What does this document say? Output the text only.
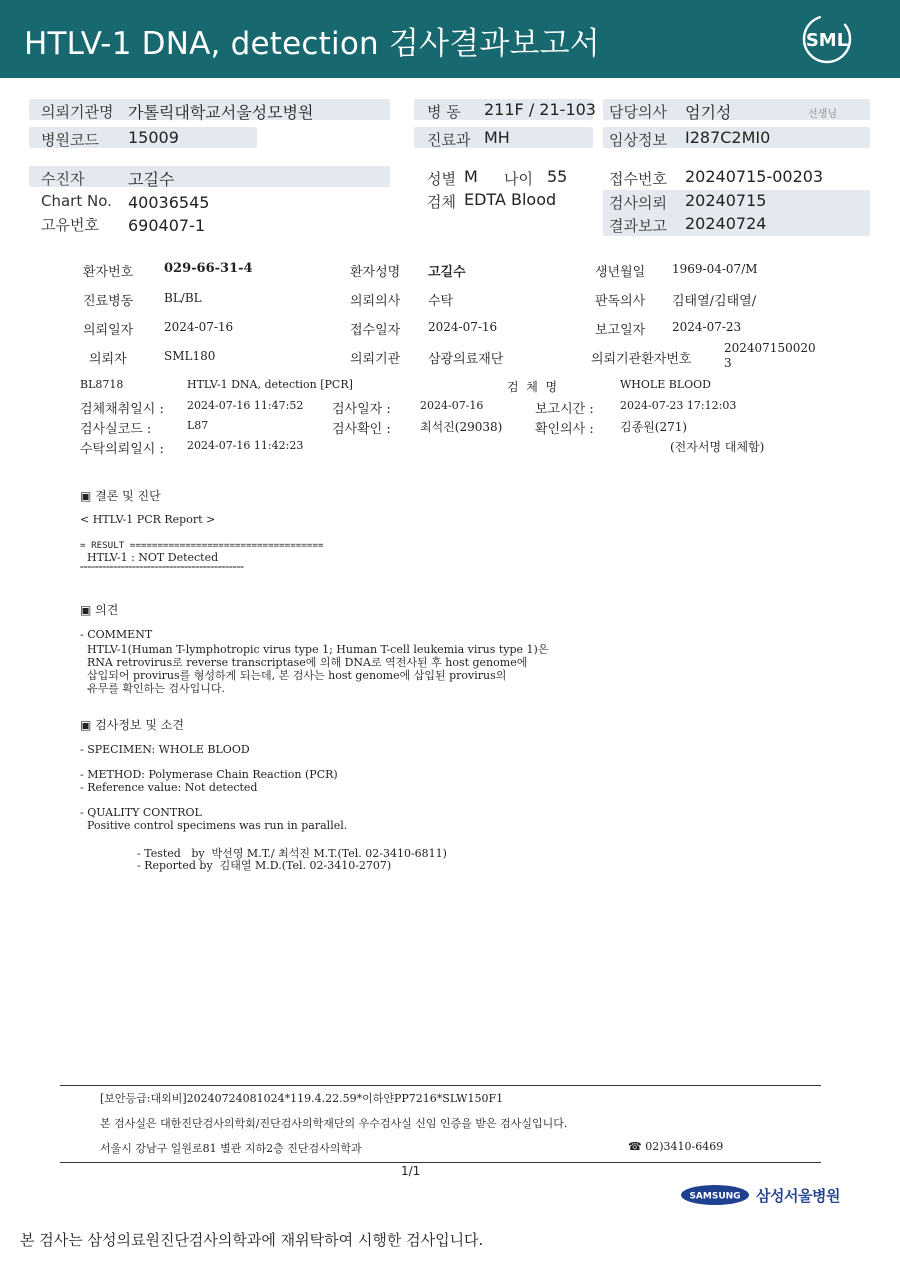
HTLV-1 DNA, detection 검사결과보고서	SML
의뢰기관명 가톨릭대학교서울성모병원
병원코드 15009
병 동 211F / 21-103
진료과 MH
담당의사 엄기성	선생님
임상정보 I287C2MI0
수진자	고길수
Chart No. 40036545
고유번호 690407-1
성별 M 나이 55
검체 EDTA Blood
접수번호 20240715-00203
검사의뢰 20240715
결과보고 20240724
환자번호 029-66-31-4	환자성명 고길수	생년월일 1969-04-07/M
진료병동	BL/BL	의뢰의사 수탁	판독의사 김태열/김태열/
의뢰일자	2024-07-16	접수일자 2024-07-16	보고일자 2024-07-23
의뢰자	SML180	의뢰기관 삼광의료재단	의뢰기관환자번호
202407150020
3
BL8718	HTLV-1 DNA, detection [PCR]	검  체  명	WHOLE BLOOD
검체채취일시 : 2024-07-16 11:47:52 검사일자 :	2024-07-16	보고시간 : 2024-07-23 17:12:03
검사실코드 :	L87	검사확인 : 최석진(29038)	확인의사 : 김종원(271)
수탁의뢰일시 : 2024-07-16 11:42:23	(전자서명 대체함)
▣ 결론 및 진단
< HTLV-1 PCR Report >
= RESULT ===================================
HTLV-1 : NOT Detected
============================================
▣ 의견
- COMMENT
HTLV-1(Human T-lymphotropic virus type 1; Human T-cell leukemia virus type 1)은
RNA retrovirus로 reverse transcriptase에 의해 DNA로 역전사된 후 host genome에
삽입되어 provirus를 형성하게 되는데, 본 검사는 host genome에 삽입된 provirus의
유무를 확인하는 검사입니다.
▣ 검사정보 및 소견
- SPECIMEN: WHOLE BLOOD
- METHOD: Polymerase Chain Reaction (PCR)
- Reference value: Not detected
- QUALITY CONTROL
Positive control specimens was run in parallel.
- Tested   by  박선영 M.T./ 최석진 M.T.(Tel. 02-3410-6811)
- Reported by  김태열 M.D.(Tel. 02-3410-2707)
[보안등급:대외비]20240724081024*119.4.22.59*이하얀PP7216*SLW150F1
본 검사실은 대한진단검사의학회/진단검사의학재단의 우수검사실 신임 인증을 받은 검사실입니다.
서울시 강남구 일원로81 별관 지하2층 진단검사의학과	☎ 02)3410-6469
1/1
SAMSUNG 삼성서울병원
본 검사는 삼성의료원진단검사의학과에 재위탁하여 시행한 검사입니다.
